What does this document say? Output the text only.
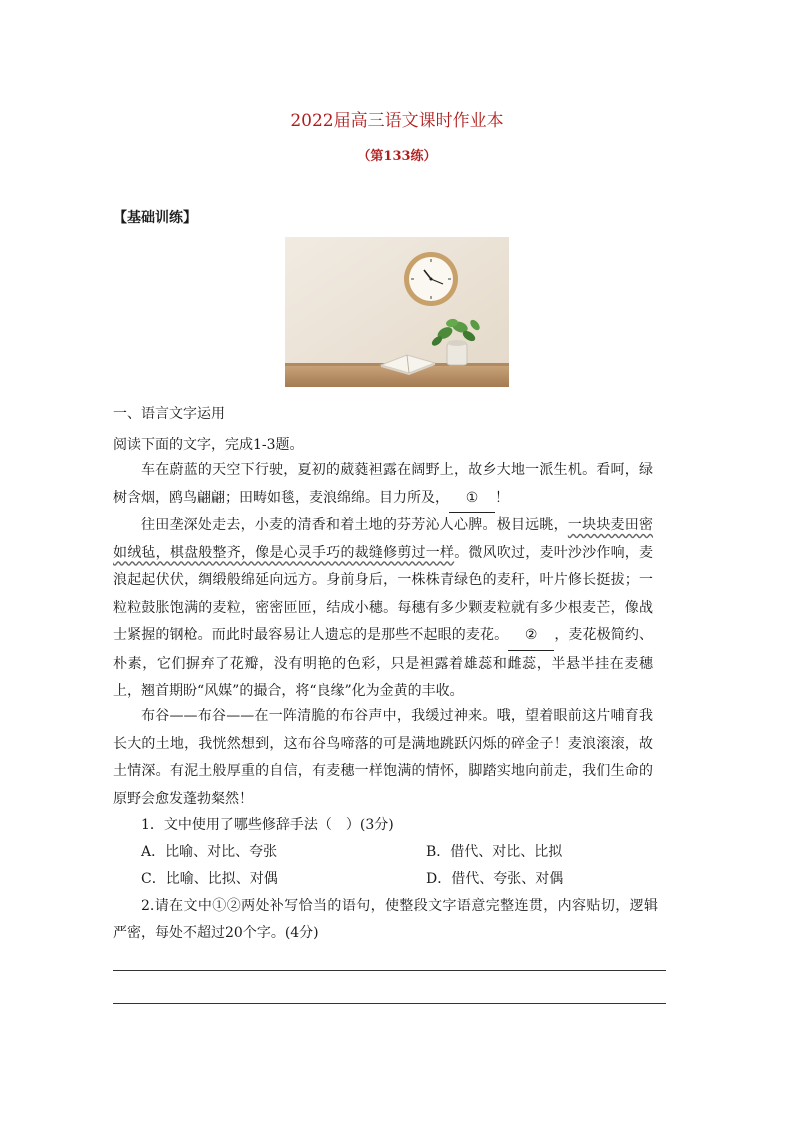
2022届高三语文课时作业本
（第133练）
【基础训练】
一、语言文字运用
阅读下面的文字，完成1-3题。
车在蔚蓝的天空下行驶，夏初的葳蕤袒露在阔野上，故乡大地一派生机。看呵，绿树含烟，鸥鸟翩翩；田畴如毯，麦浪绵绵。目力所及， ① ！
往田垄深处走去，小麦的清香和着土地的芬芳沁人心脾。极目远眺，一块块麦田密如绒毡，棋盘般整齐，像是心灵手巧的裁缝修剪过一样。微风吹过，麦叶沙沙作响，麦浪起起伏伏，绸缎般绵延向远方。身前身后，一株株青绿色的麦秆，叶片修长挺拔；一粒粒鼓胀饱满的麦粒，密密匝匝，结成小穗。每穗有多少颗麦粒就有多少根麦芒，像战士紧握的钢枪。而此时最容易让人遗忘的是那些不起眼的麦花。 ② ，麦花极简约、朴素，它们摒弃了花瓣，没有明艳的色彩，只是袒露着雄蕊和雌蕊，半悬半挂在麦穗上，翘首期盼“风媒”的撮合，将“良缘”化为金黄的丰收。
布谷——布谷——在一阵清脆的布谷声中，我缓过神来。哦，望着眼前这片哺育我长大的土地，我恍然想到，这布谷鸟啼落的可是满地跳跃闪烁的碎金子！麦浪滚滚，故土情深。有泥土般厚重的自信，有麦穗一样饱满的情怀，脚踏实地向前走，我们生命的原野会愈发蓬勃粲然！
1．文中使用了哪些修辞手法（　）(3分)
A．比喻、对比、夸张	B．借代、对比、比拟
C．比喻、比拟、对偶	D．借代、夸张、对偶
2.请在文中①②两处补写恰当的语句，使整段文字语意完整连贯，内容贴切，逻辑严密，每处不超过20个字。(4分)
